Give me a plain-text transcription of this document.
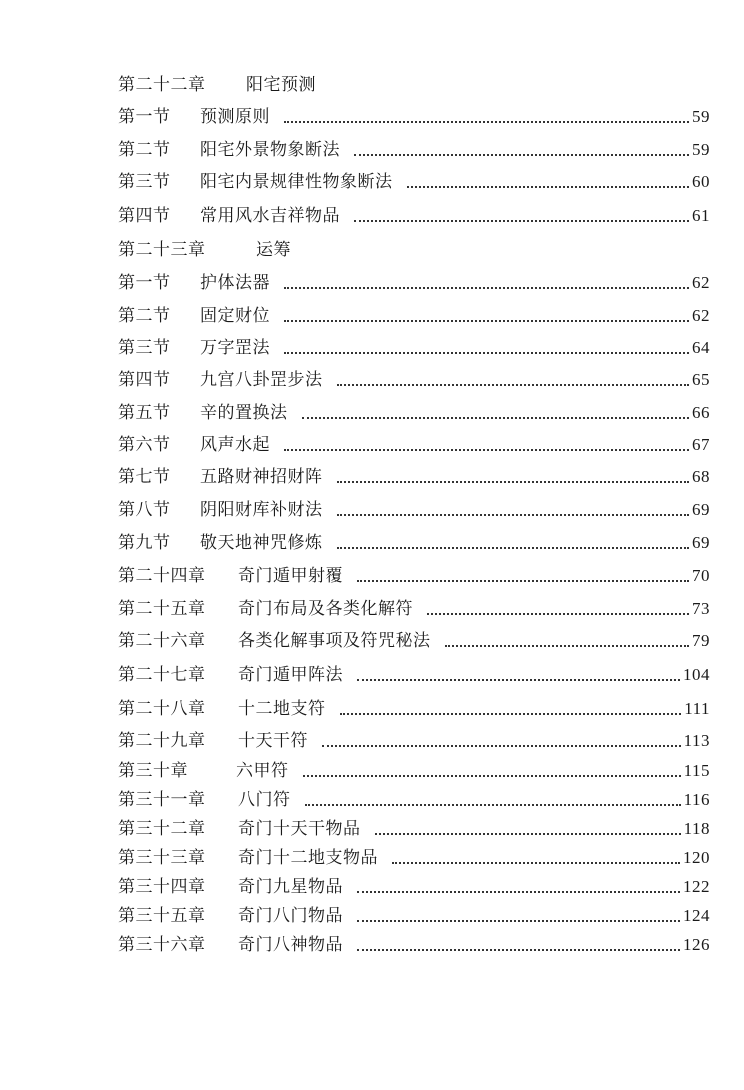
第二十二章	阳宅预测
第一节	预测原则	59
第二节	阳宅外景物象断法	59
第三节	阳宅内景规律性物象断法	60
第四节	常用风水吉祥物品	61
第二十三章	运筹
第一节	护体法器	62
第二节	固定财位	62
第三节	万字罡法	64
第四节	九宫八卦罡步法	65
第五节	辛的置换法	66
第六节	风声水起	67
第七节	五路财神招财阵	68
第八节	阴阳财库补财法	69
第九节	敬天地神咒修炼	69
第二十四章	奇门遁甲射覆	70
第二十五章	奇门布局及各类化解符	73
第二十六章	各类化解事项及符咒秘法	79
第二十七章	奇门遁甲阵法	104
第二十八章	十二地支符	111
第二十九章	十天干符	113
第三十章	六甲符	115
第三十一章	八门符	116
第三十二章	奇门十天干物品	118
第三十三章	奇门十二地支物品	120
第三十四章	奇门九星物品	122
第三十五章	奇门八门物品	124
第三十六章	奇门八神物品	126
